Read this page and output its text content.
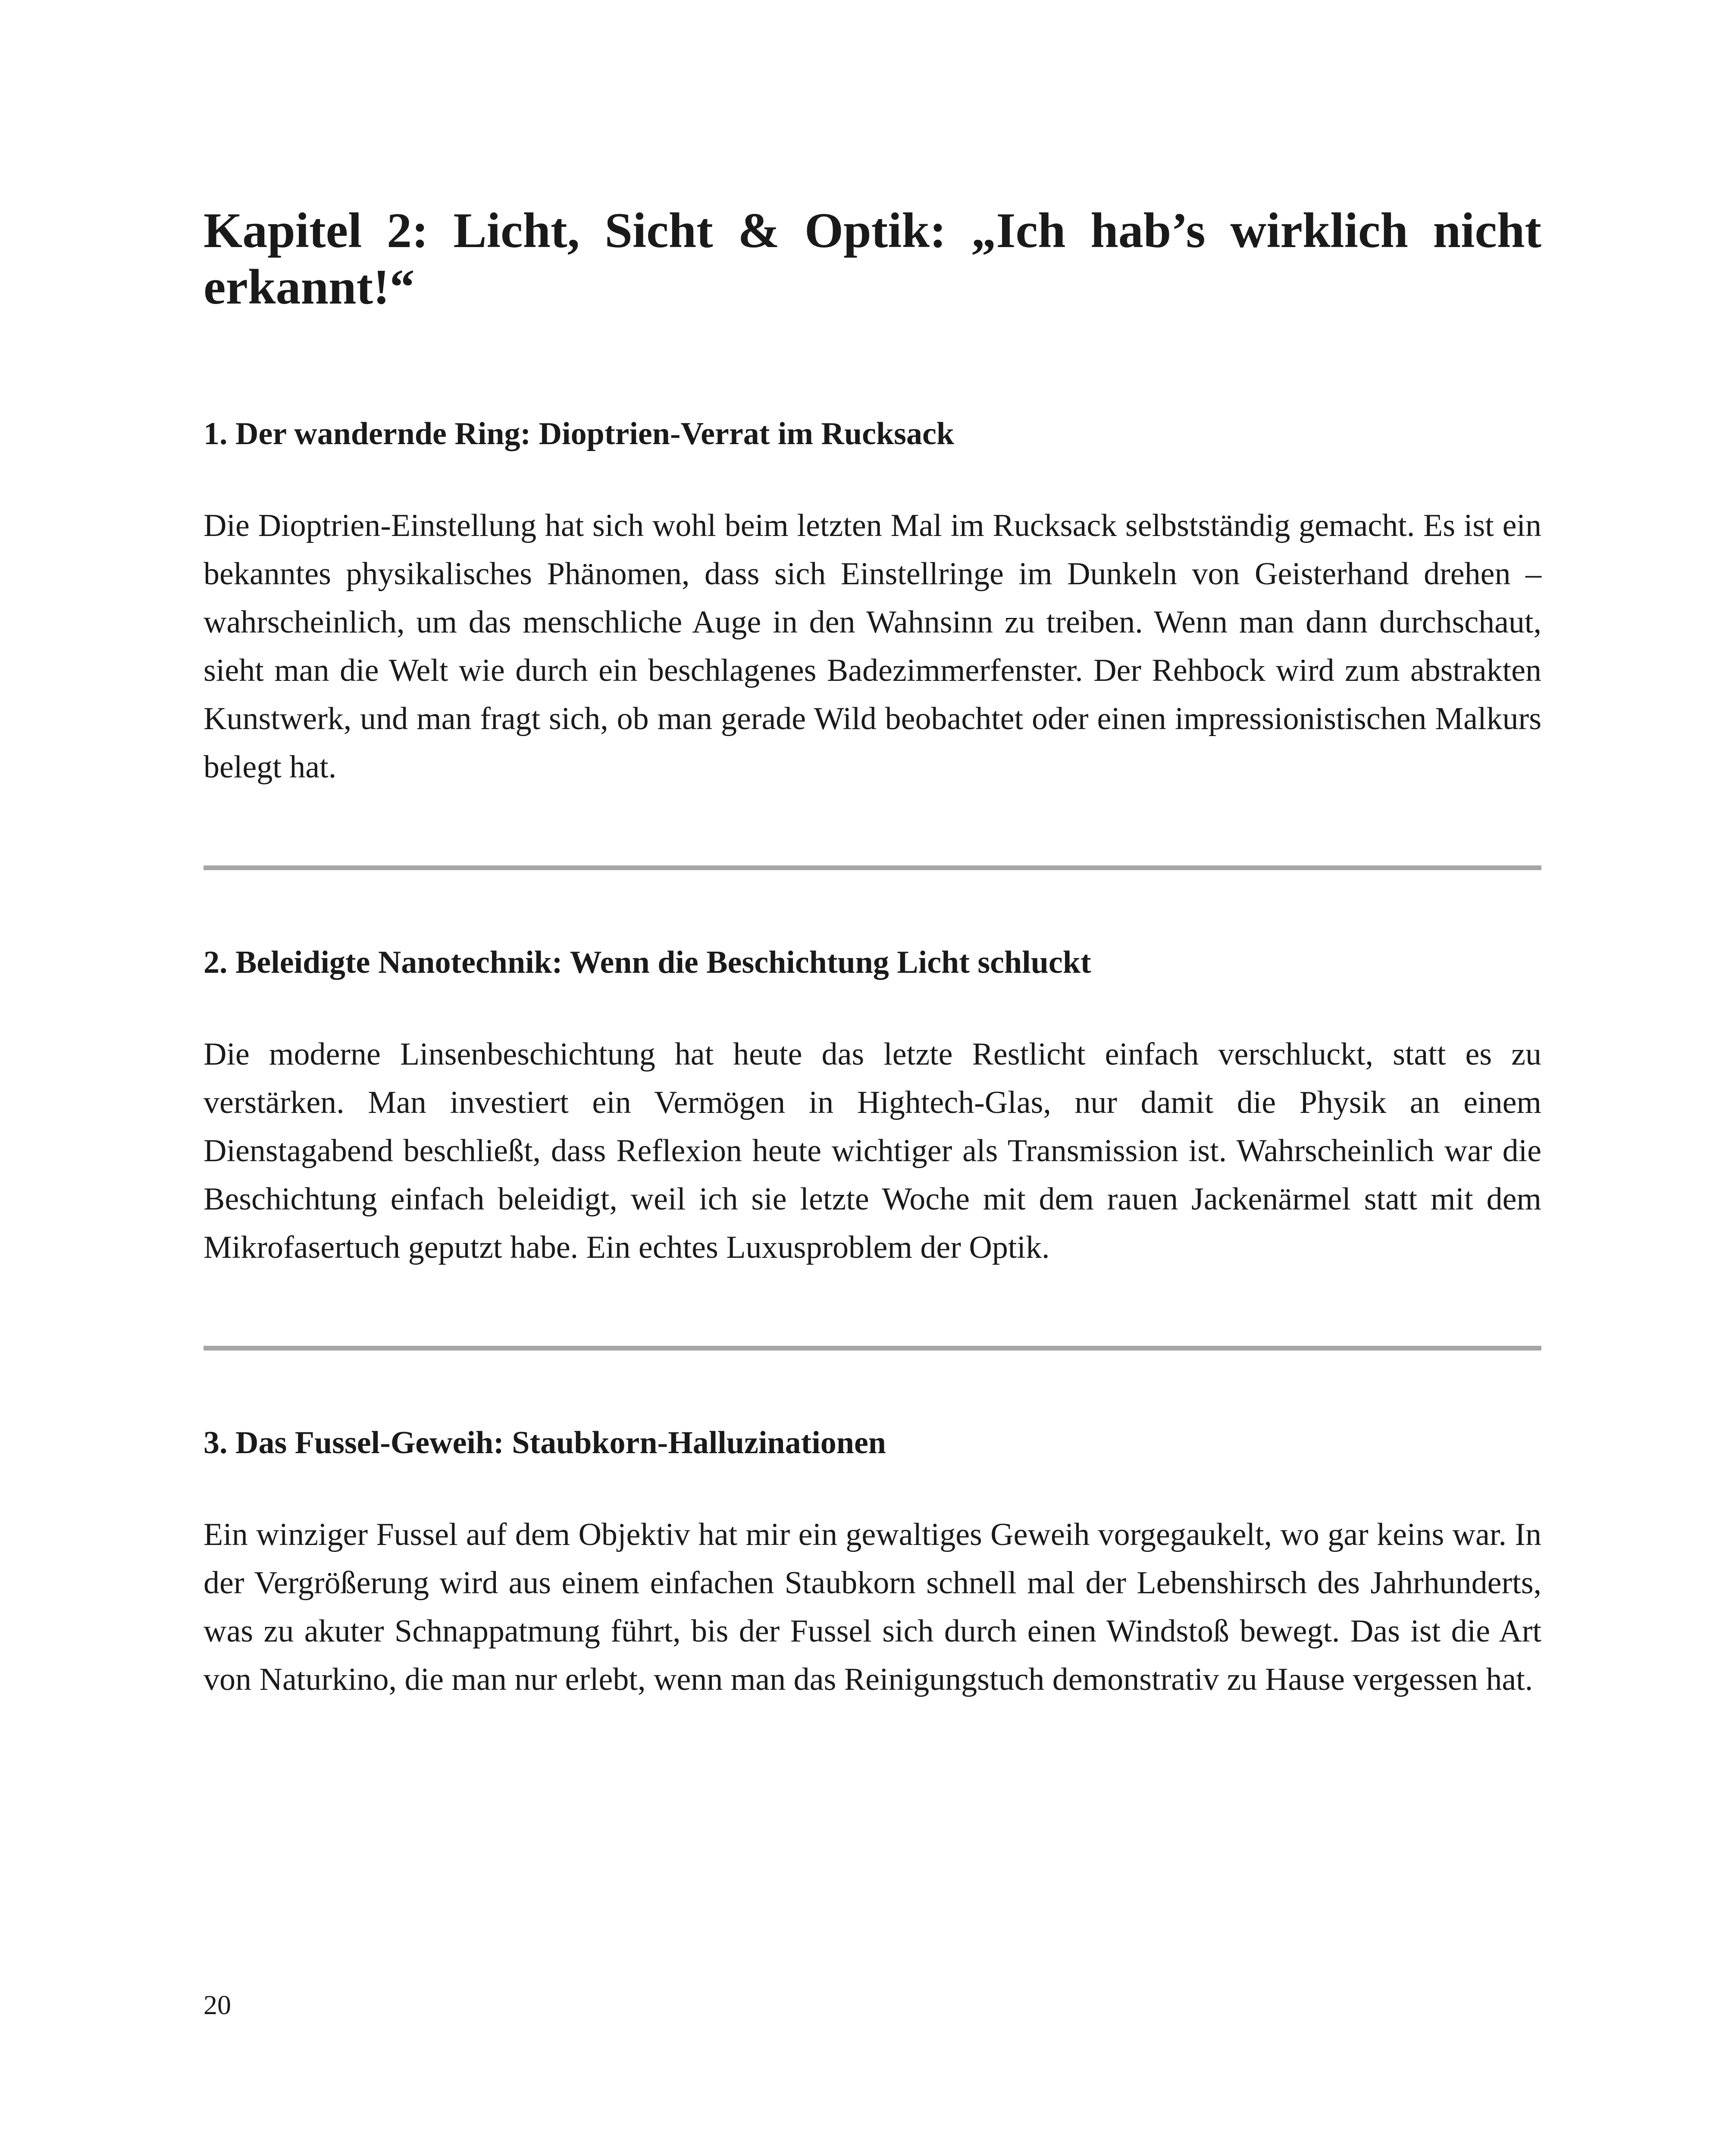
Kapitel 2: Licht, Sicht & Optik: „Ich hab’s wirklich nicht erkannt!“
1. Der wandernde Ring: Dioptrien-Verrat im Rucksack

Die Dioptrien-Einstellung hat sich wohl beim letzten Mal im Rucksack selbstständig gemacht. Es ist ein bekanntes physikalisches Phänomen, dass sich Einstellringe im Dunkeln von Geisterhand drehen – wahrscheinlich, um das menschliche Auge in den Wahnsinn zu treiben. Wenn man dann durchschaut, sieht man die Welt wie durch ein beschlagenes Badezimmerfenster. Der Rehbock wird zum abstrakten Kunstwerk, und man fragt sich, ob man gerade Wild beobachtet oder einen impressionistischen Malkurs belegt hat.

2. Beleidigte Nanotechnik: Wenn die Beschichtung Licht schluckt

Die moderne Linsenbeschichtung hat heute das letzte Restlicht einfach verschluckt, statt es zu verstärken. Man investiert ein Vermögen in Hightech-Glas, nur damit die Physik an einem Dienstagabend beschließt, dass Reflexion heute wichtiger als Transmission ist. Wahrscheinlich war die Beschichtung einfach beleidigt, weil ich sie letzte Woche mit dem rauen Jackenärmel statt mit dem Mikrofasertuch geputzt habe. Ein echtes Luxusproblem der Optik.

3. Das Fussel-Geweih: Staubkorn-Halluzinationen

Ein winziger Fussel auf dem Objektiv hat mir ein gewaltiges Geweih vorgegaukelt, wo gar keins war. In der Vergrößerung wird aus einem einfachen Staubkorn schnell mal der Lebenshirsch des Jahrhunderts, was zu akuter Schnappatmung führt, bis der Fussel sich durch einen Windstoß bewegt. Das ist die Art von Naturkino, die man nur erlebt, wenn man das Reinigungstuch demonstrativ zu Hause vergessen hat.

20
